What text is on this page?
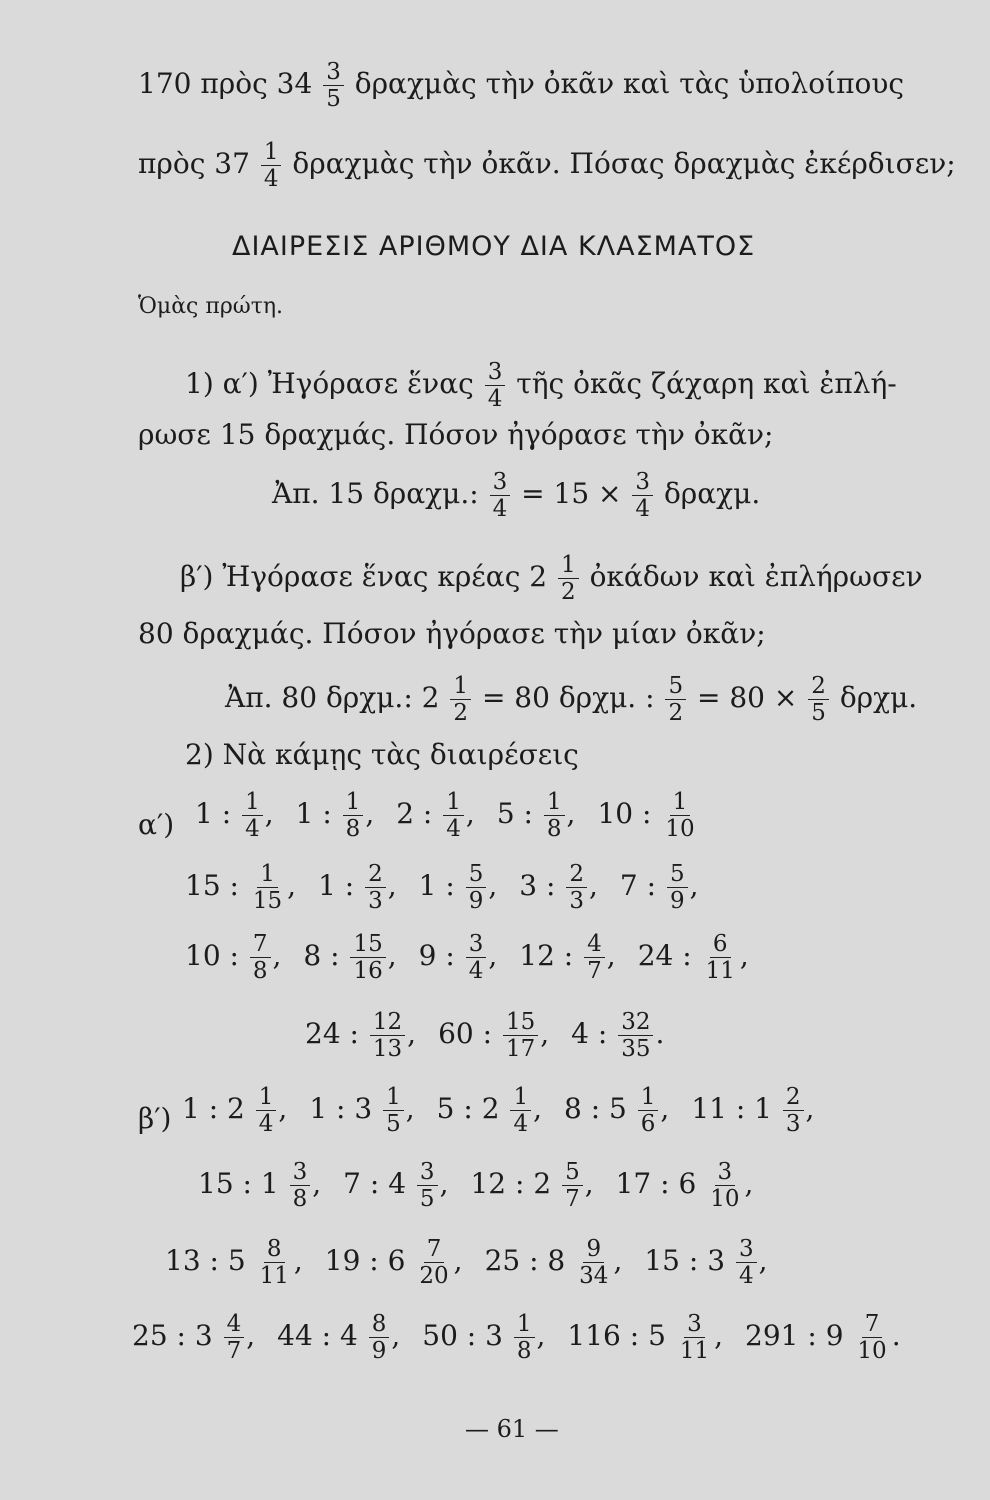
170 πρὸς $34 \frac{3}{5}$ δραχμὰς τὴν ὀκᾶν καὶ τὰς ὑπολοίπους
πρὸς $37 \frac{1}{4}$ δραχμὰς τὴν ὀκᾶν. Πόσας δραχμὰς ἐκέρδισεν;
ΔΙΑΙΡΕΣΙΣ ΑΡΙΘΜΟΥ ΔΙΑ ΚΛΑΣΜΑΤΟΣ
Ὁμὰς πρώτη.
1) α′) Ἠγόρασε ἕνας $\frac{3}{4}$ τῆς ὀκᾶς ζάχαρη καὶ ἐπλή-
ρωσε 15 δραχμάς. Πόσον ἠγόρασε τὴν ὀκᾶν;
Ἀπ. 15 δραχμ.: $\frac{3}{4} = 15 \times \frac{3}{4} \delta\rho\alpha\chi\mu$.
β′) Ἠγόρασε ἕνας κρέας $2 \frac{1}{2}$ ὀκάδων καὶ ἐπλήρωσεν
80 δραχμάς. Πόσον ἠγόρασε τὴν μίαν ὀκᾶν;
Ἀπ. 80 δρχμ.: $2 \frac{1}{2} = 80$ δρχμ. : $\frac{5}{2} = 80 \times \frac{2}{5} \delta\rho\chi\mu$.
2) Νὰ κάμῃς τὰς διαιρέσεις
α′) 1 : $\frac{1}{4}$ , 1 : $\frac{1}{8}$ , 2 : $\frac{1}{4}$ , 5 : $\frac{1}{8}$ , 10 : $\frac{1}{10}$
15 : $\frac{1}{15}$ , 1 : $\frac{2}{3}$ , 1 : $\frac{5}{9}$ , 3 : $\frac{2}{3}$ , 7 : $\frac{5}{9}$ ,
10 : $\frac{7}{8}$ , 8 : $\frac{15}{16}$ , 9 : $\frac{3}{4}$ , 12 : $\frac{4}{7}$ , 24 : $\frac{6}{11}$ ,
24 : $\frac{12}{13}$ , 60 : $\frac{15}{17}$ , 4 : $\frac{32}{35}$ .
β′) 1 : $2 \frac{1}{4}$ , 1 : $3 \frac{1}{5}$ , 5 : $2 \frac{1}{4}$ , 8 : $5 \frac{1}{6}$ , 11 : $1 \frac{2}{3}$ ,
15 : $1 \frac{3}{8}$ , 7 : $4 \frac{3}{5}$ , 12 : $2 \frac{5}{7}$ , 17 : $6 \frac{3}{10}$ ,
13 : $5 \frac{8}{11}$ , 19 : $6 \frac{7}{20}$ , 25 : $8 \frac{9}{34}$ , 15 : $3 \frac{3}{4}$ ,
25 : $3 \frac{4}{7}$ , 44 : $4 \frac{8}{9}$ , 50 : $3 \frac{1}{8}$ , 116 : $5 \frac{3}{11}$ , 291 : $9 \frac{7}{10}$ .
— 61 —
